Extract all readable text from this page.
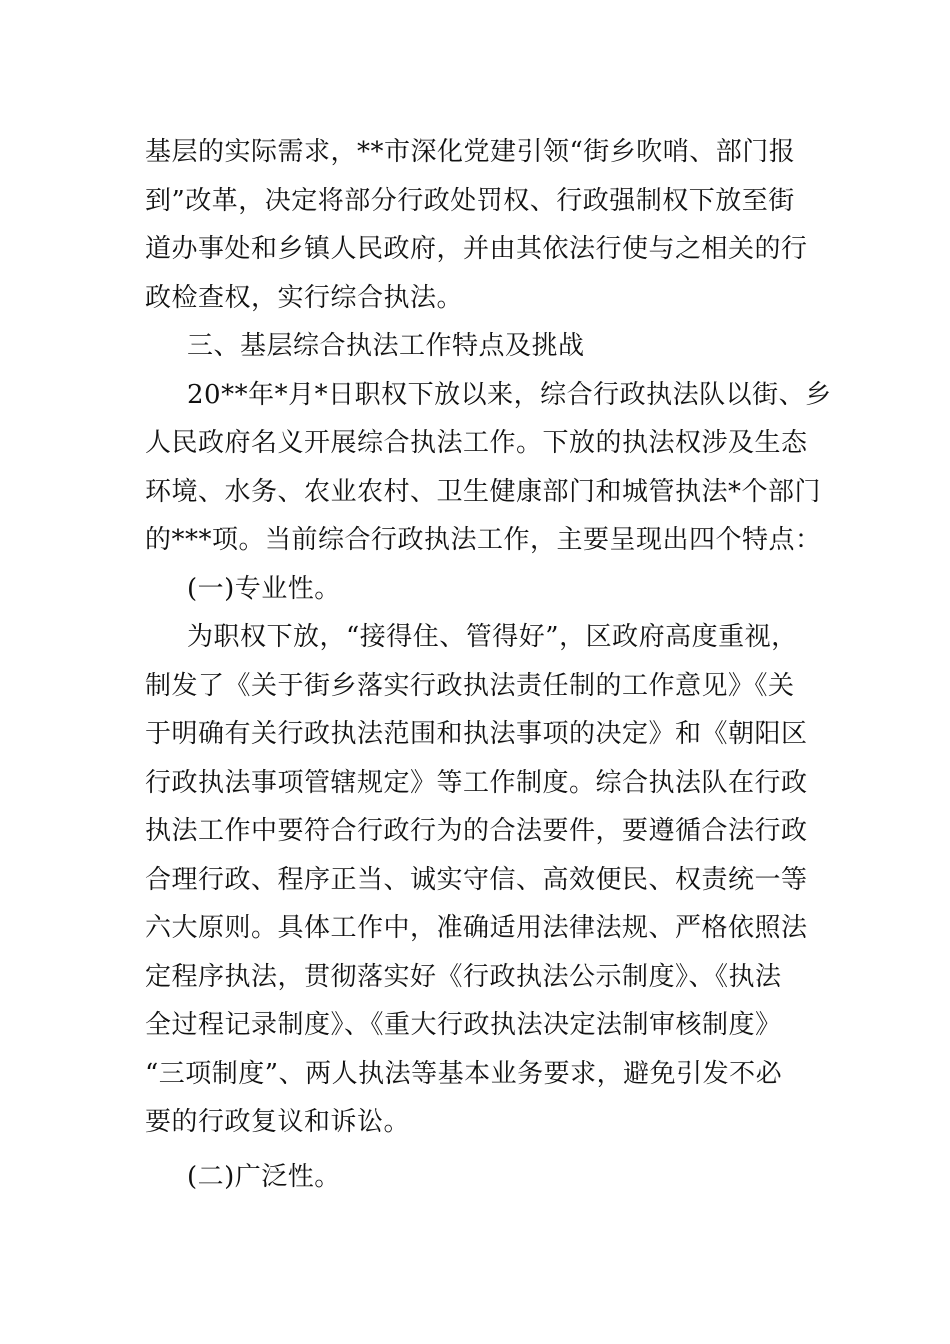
基层的实际需求，**市深化党建引领“街乡吹哨、部门报
到”改革，决定将部分行政处罚权、行政强制权下放至街
道办事处和乡镇人民政府，并由其依法行使与之相关的行
政检查权，实行综合执法。
三、基层综合执法工作特点及挑战
20**年*月*日职权下放以来，综合行政执法队以街、乡
人民政府名义开展综合执法工作。下放的执法权涉及生态
环境、水务、农业农村、卫生健康部门和城管执法*个部门
的***项。当前综合行政执法工作，主要呈现出四个特点：
(一)专业性。
为职权下放，“接得住、管得好”，区政府高度重视，
制发了《关于街乡落实行政执法责任制的工作意见》《关
于明确有关行政执法范围和执法事项的决定》和《朝阳区
行政执法事项管辖规定》等工作制度。综合执法队在行政
执法工作中要符合行政行为的合法要件，要遵循合法行政
合理行政、程序正当、诚实守信、高效便民、权责统一等
六大原则。具体工作中，准确适用法律法规、严格依照法
定程序执法，贯彻落实好《行政执法公示制度》、《执法
全过程记录制度》、《重大行政执法决定法制审核制度》
“三项制度”、两人执法等基本业务要求，避免引发不必
要的行政复议和诉讼。
(二)广泛性。
